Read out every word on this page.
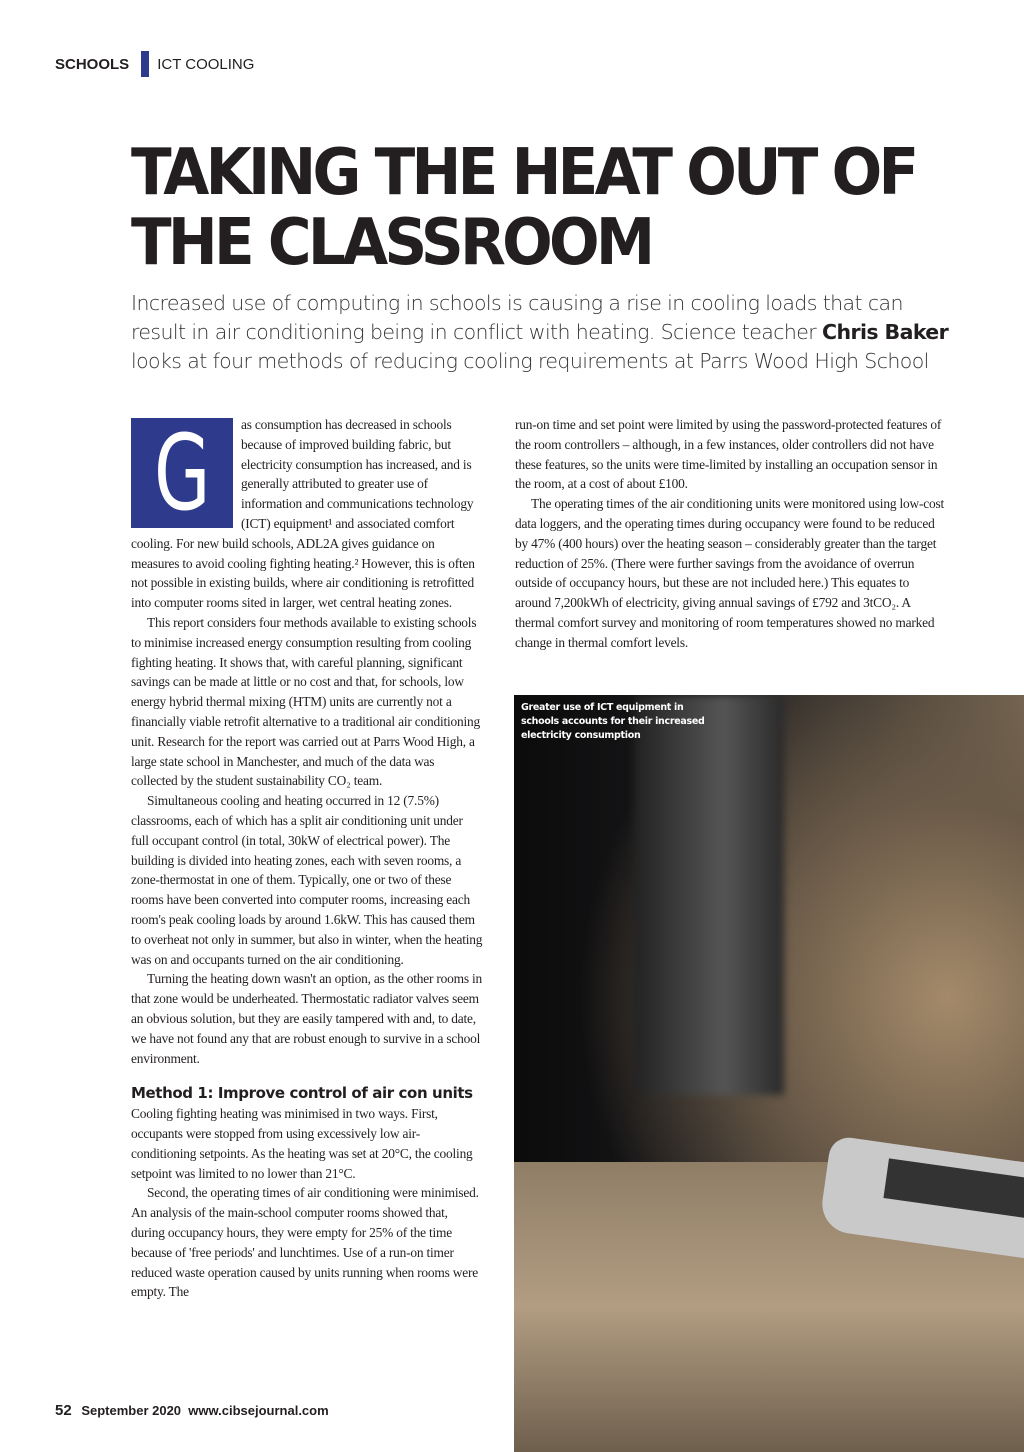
SCHOOLS ICT COOLING
TAKING THE HEAT OUT OF THE CLASSROOM

Increased use of computing in schools is causing a rise in cooling loads that can result in air conditioning being in conflict with heating. Science teacher Chris Baker looks at four methods of reducing cooling requirements at Parrs Wood High School

G	as consumption has decreased in schools because of improved building fabric, but electricity consumption has increased, and is generally attributed to greater use of information and communications technology (ICT) equipment¹ and associated comfort cooling. For new build schools, ADL2A gives guidance on measures to avoid cooling fighting heating.² However, this is often not possible in existing builds, where air conditioning is retrofitted into computer rooms sited in larger, wet central heating zones.

This report considers four methods available to existing schools to minimise increased energy consumption resulting from cooling fighting heating. It shows that, with careful planning, significant savings can be made at little or no cost and that, for schools, low energy hybrid thermal mixing (HTM) units are currently not a financially viable retrofit alternative to a traditional air conditioning unit. Research for the report was carried out at Parrs Wood High, a large state school in Manchester, and much of the data was collected by the student sustainability CO₂ team.

Simultaneous cooling and heating occurred in 12 (7.5%) classrooms, each of which has a split air conditioning unit under full occupant control (in total, 30kW of electrical power). The building is divided into heating zones, each with seven rooms, a zone-thermostat in one of them. Typically, one or two of these rooms have been converted into computer rooms, increasing each room's peak cooling loads by around 1.6kW. This has caused them to overheat not only in summer, but also in winter, when the heating was on and occupants turned on the air conditioning.

Turning the heating down wasn't an option, as the other rooms in that zone would be underheated. Thermostatic radiator valves seem an obvious solution, but they are easily tampered with and, to date, we have not found any that are robust enough to survive in a school environment.

Method 1: Improve control of air con units

Cooling fighting heating was minimised in two ways. First, occupants were stopped from using excessively low air-conditioning setpoints. As the heating was set at 20°C, the cooling setpoint was limited to no lower than 21°C.

Second, the operating times of air conditioning were minimised. An analysis of the main-school computer rooms showed that, during occupancy hours, they were empty for 25% of the time because of 'free periods' and lunchtimes. Use of a run-on timer reduced waste operation caused by units running when rooms were empty. The

run-on time and set point were limited by using the password-protected features of the room controllers – although, in a few instances, older controllers did not have these features, so the units were time-limited by installing an occupation sensor in the room, at a cost of about £100.

The operating times of the air conditioning units were monitored using low-cost data loggers, and the operating times during occupancy were found to be reduced by 47% (400 hours) over the heating season – considerably greater than the target reduction of 25%. (There were further savings from the avoidance of overrun outside of occupancy hours, but these are not included here.) This equates to around 7,200kWh of electricity, giving annual savings of £792 and 3tCO₂. A thermal comfort survey and monitoring of room temperatures showed no marked change in thermal comfort levels.

Greater use of ICT equipment in schools accounts for their increased electricity consumption
52 September 2020 www.cibsejournal.com
